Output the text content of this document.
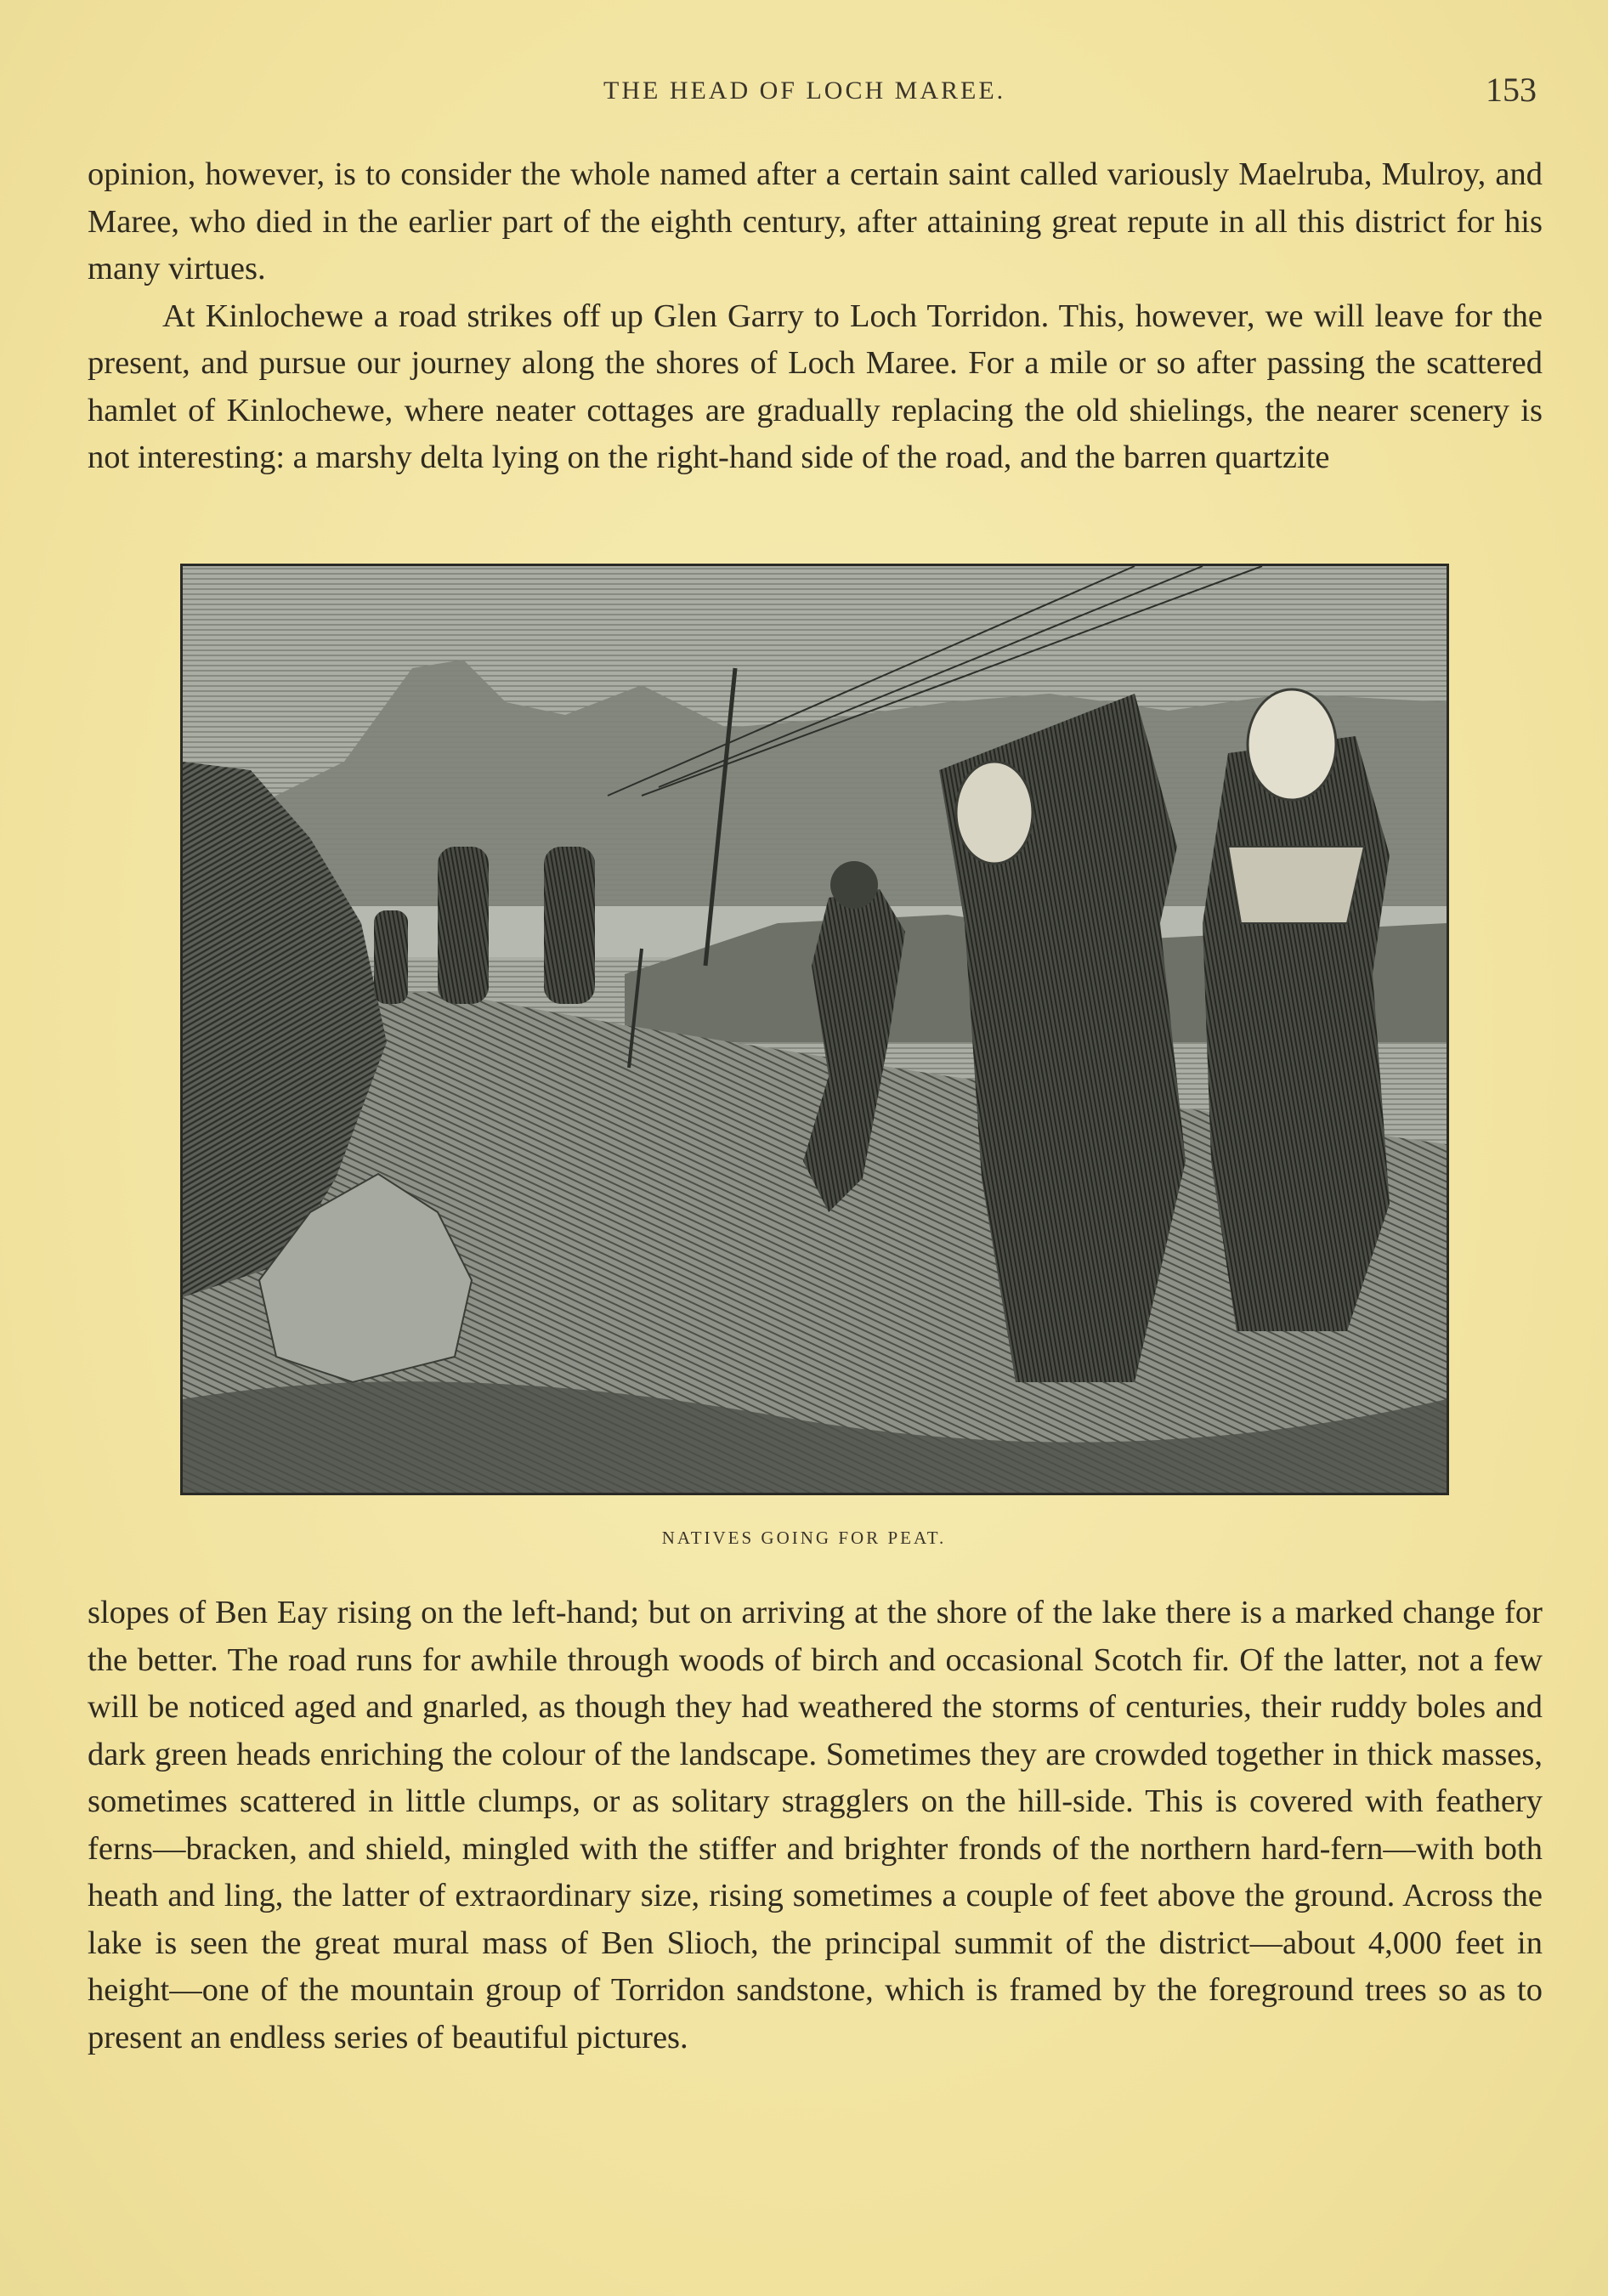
THE HEAD OF LOCH MAREE.	153

opinion, however, is to consider the whole named after a certain saint called variously Maelruba, Mulroy, and Maree, who died in the earlier part of the eighth century, after attaining great repute in all this district for his many virtues.

At Kinlochewe a road strikes off up Glen Garry to Loch Torridon. This, however, we will leave for the present, and pursue our journey along the shores of Loch Maree. For a mile or so after passing the scattered hamlet of Kinlochewe, where neater cottages are gradually replacing the old shielings, the nearer scenery is not interesting: a marshy delta lying on the right-hand side of the road, and the barren quartzite

NATIVES GOING FOR PEAT.

slopes of Ben Eay rising on the left-hand; but on arriving at the shore of the lake there is a marked change for the better. The road runs for awhile through woods of birch and occasional Scotch fir. Of the latter, not a few will be noticed aged and gnarled, as though they had weathered the storms of centuries, their ruddy boles and dark green heads enriching the colour of the landscape. Sometimes they are crowded together in thick masses, sometimes scattered in little clumps, or as solitary stragglers on the hill-side. This is covered with feathery ferns—bracken, and shield, mingled with the stiffer and brighter fronds of the northern hard-fern—with both heath and ling, the latter of extraordinary size, rising sometimes a couple of feet above the ground. Across the lake is seen the great mural mass of Ben Slioch, the principal summit of the district—about 4,000 feet in height—one of the mountain group of Torridon sandstone, which is framed by the foreground trees so as to present an endless series of beautiful pictures.
